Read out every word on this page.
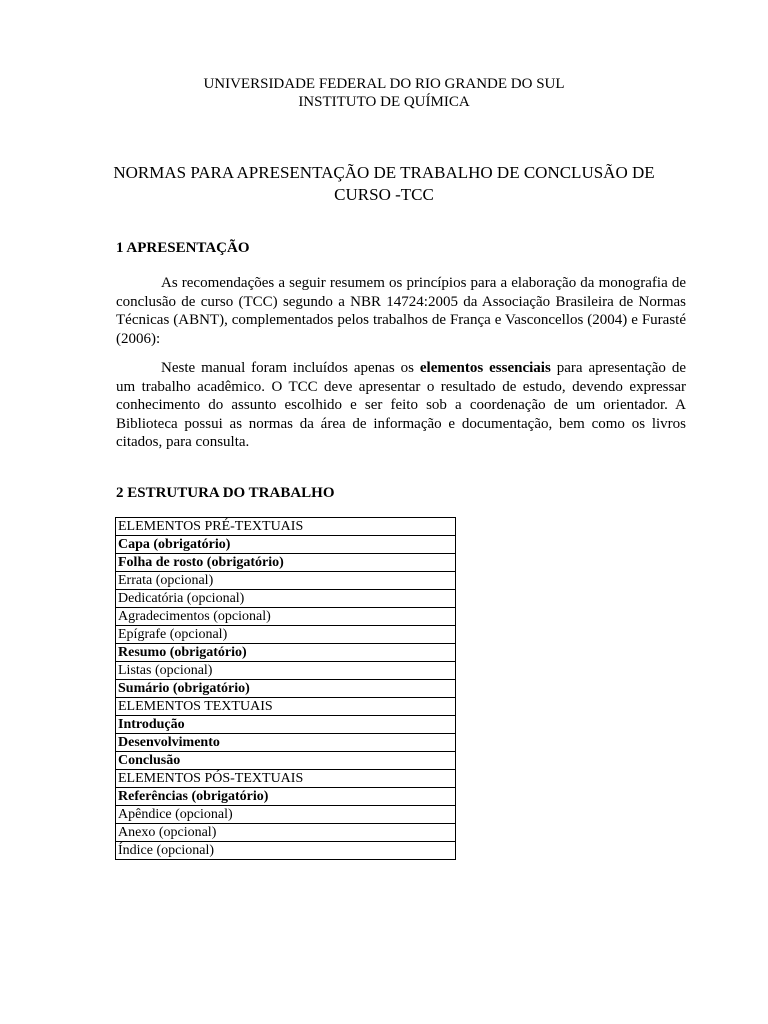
UNIVERSIDADE FEDERAL DO RIO GRANDE DO SUL
INSTITUTO DE QUÍMICA
NORMAS PARA APRESENTAÇÃO DE TRABALHO DE CONCLUSÃO DE
CURSO -TCC
1 APRESENTAÇÃO

As recomendações a seguir resumem os princípios para a elaboração da monografia de conclusão de curso (TCC) segundo a NBR 14724:2005 da Associação Brasileira de Normas Técnicas (ABNT), complementados pelos trabalhos de França e Vasconcellos (2004) e Furasté (2006):

Neste manual foram incluídos apenas os elementos essenciais para apresentação de um trabalho acadêmico. O TCC deve apresentar o resultado de estudo, devendo expressar conhecimento do assunto escolhido e ser feito sob a coordenação de um orientador. A Biblioteca possui as normas da área de informação e documentação, bem como os livros citados, para consulta.

2 ESTRUTURA DO TRABALHO
ELEMENTOS PRÉ-TEXTUAIS
Capa (obrigatório)
Folha de rosto (obrigatório)
Errata (opcional)
Dedicatória (opcional)
Agradecimentos (opcional)
Epígrafe (opcional)
Resumo (obrigatório)
Listas (opcional)
Sumário (obrigatório)
ELEMENTOS TEXTUAIS
Introdução
Desenvolvimento
Conclusão
ELEMENTOS PÓS-TEXTUAIS
Referências (obrigatório)
Apêndice (opcional)
Anexo (opcional)
Índice (opcional)
